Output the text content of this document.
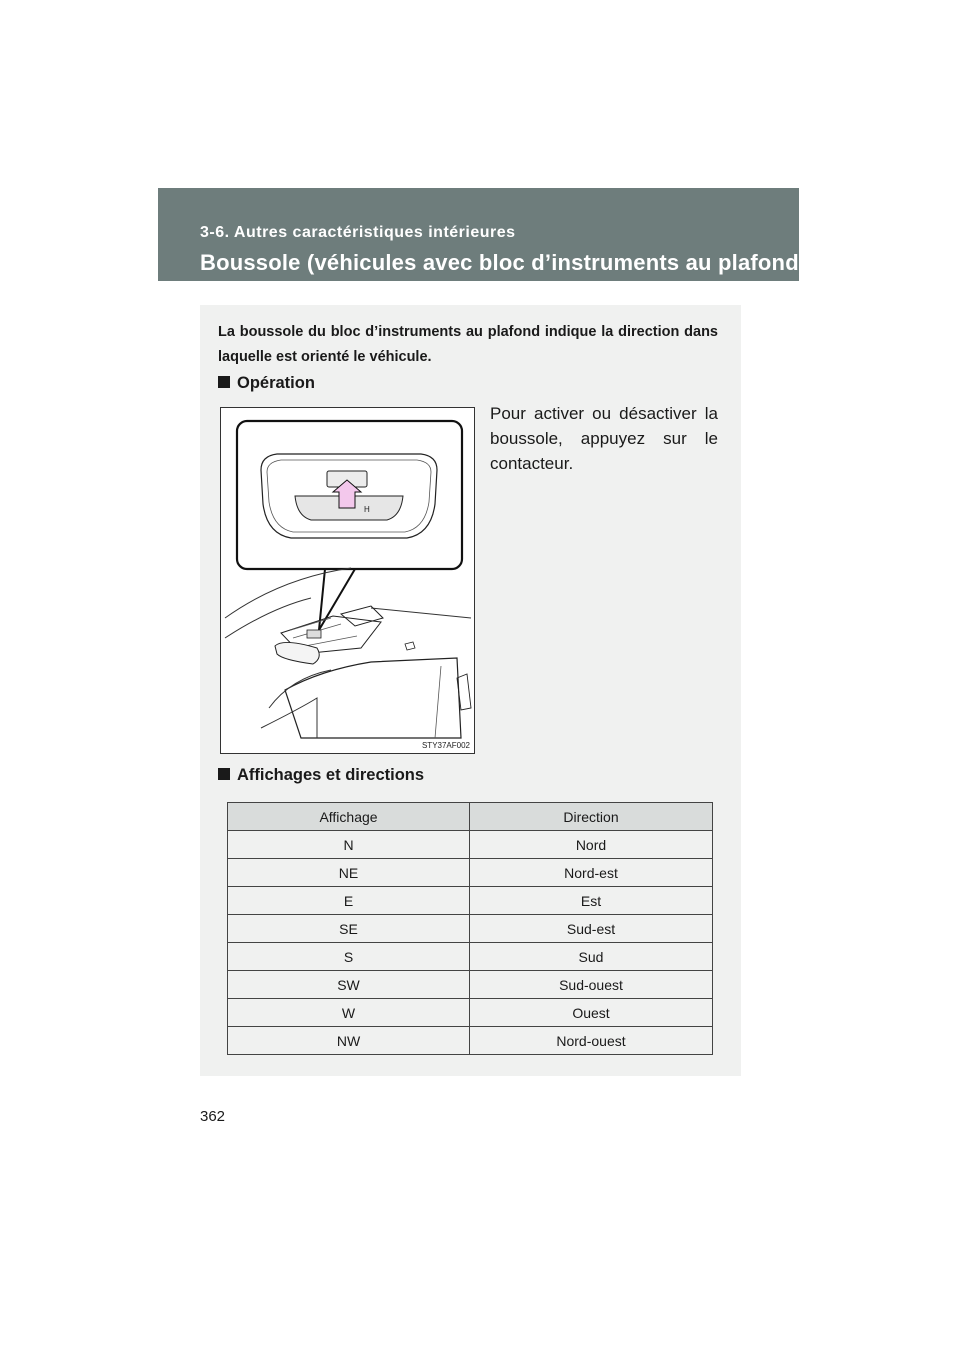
3-6. Autres caractéristiques intérieures
Boussole (véhicules avec bloc d’instruments au plafond)
La boussole du bloc d’instruments au plafond indique la direction dans laquelle est orienté le véhicule.
Opération
H
STY37AF002
Pour activer ou désactiver la boussole, appuyez sur le contacteur.
Affichages et directions
Affichage	Direction
N	Nord
NE	Nord-est
E	Est
SE	Sud-est
S	Sud
SW	Sud-ouest
W	Ouest
NW	Nord-ouest
362
